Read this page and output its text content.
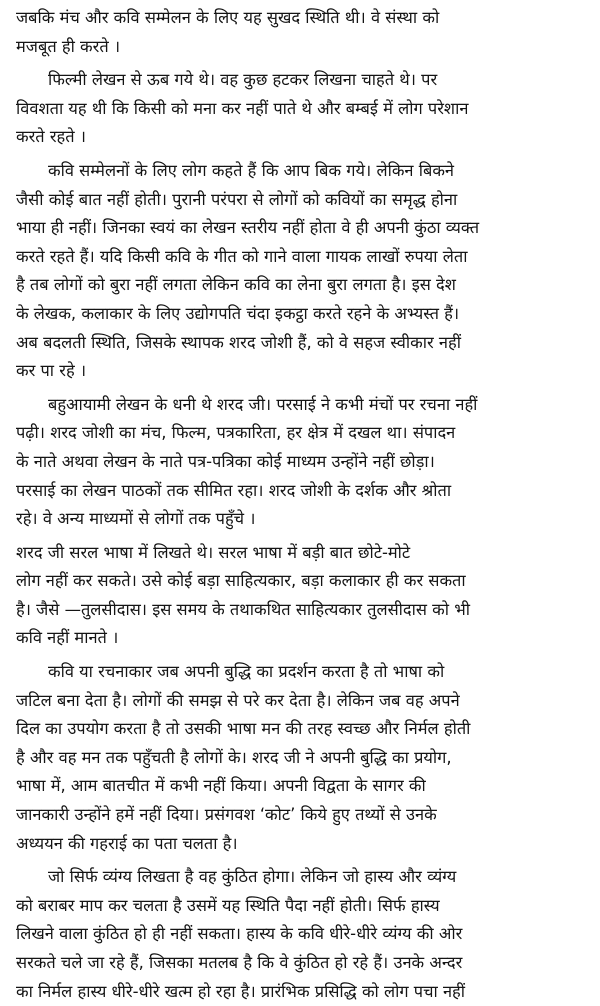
जबकि मंच और कवि सम्मेलन के लिए यह सुखद स्थिति थी। वे संस्था को
मजबूत ही करते ।
फिल्मी लेखन से ऊब गये थे। वह कुछ हटकर लिखना चाहते थे। पर
विवशता यह थी कि किसी को मना कर नहीं पाते थे और बम्बई में लोग परेशान
करते रहते ।
कवि सम्मेलनों के लिए लोग कहते हैं कि आप बिक गये। लेकिन बिकने
जैसी कोई बात नहीं होती। पुरानी परंपरा से लोगों को कवियों का समृद्ध होना
भाया ही नहीं। जिनका स्वयं का लेखन स्तरीय नहीं होता वे ही अपनी कुंठा व्यक्त
करते रहते हैं। यदि किसी कवि के गीत को गाने वाला गायक लाखों रुपया लेता
है तब लोगों को बुरा नहीं लगता लेकिन कवि का लेना बुरा लगता है। इस देश
के लेखक, कलाकार के लिए उद्योगपति चंदा इकट्ठा करते रहने के अभ्यस्त हैं।
अब बदलती स्थिति, जिसके स्थापक शरद जोशी हैं, को वे सहज स्वीकार नहीं
कर पा रहे ।
बहुआयामी लेखन के धनी थे शरद जी। परसाई ने कभी मंचों पर रचना नहीं
पढ़ी। शरद जोशी का मंच, फिल्म, पत्रकारिता, हर क्षेत्र में दखल था। संपादन
के नाते अथवा लेखन के नाते पत्र-पत्रिका कोई माध्यम उन्होंने नहीं छोड़ा।
परसाई का लेखन पाठकों तक सीमित रहा। शरद जोशी के दर्शक और श्रोता
रहे। वे अन्य माध्यमों से लोगों तक पहुँचे ।
शरद जी सरल भाषा में लिखते थे। सरल भाषा में बड़ी बात छोटे-मोटे
लोग नहीं कर सकते। उसे कोई बड़ा साहित्यकार, बड़ा कलाकार ही कर सकता
है। जैसे —तुलसीदास। इस समय के तथाकथित साहित्यकार तुलसीदास को भी
कवि नहीं मानते ।
कवि या रचनाकार जब अपनी बुद्धि का प्रदर्शन करता है तो भाषा को
जटिल बना देता है। लोगों की समझ से परे कर देता है। लेकिन जब वह अपने
दिल का उपयोग करता है तो उसकी भाषा मन की तरह स्वच्छ और निर्मल होती
है और वह मन तक पहुँचती है लोगों के। शरद जी ने अपनी बुद्धि का प्रयोग,
भाषा में, आम बातचीत में कभी नहीं किया। अपनी विद्वता के सागर की
जानकारी उन्होंने हमें नहीं दिया। प्रसंगवश ‘कोट’ किये हुए तथ्यों से उनके
अध्ययन की गहराई का पता चलता है।
जो सिर्फ व्यंग्य लिखता है वह कुंठित होगा। लेकिन जो हास्य और व्यंग्य
को बराबर माप कर चलता है उसमें यह स्थिति पैदा नहीं होती। सिर्फ हास्य
लिखने वाला कुंठित हो ही नहीं सकता। हास्य के कवि धीरे-धीरे व्यंग्य की ओर
सरकते चले जा रहे हैं, जिसका मतलब है कि वे कुंठित हो रहे हैं। उनके अन्दर
का निर्मल हास्य धीरे-धीरे खत्म हो रहा है। प्रारंभिक प्रसिद्धि को लोग पचा नहीं
